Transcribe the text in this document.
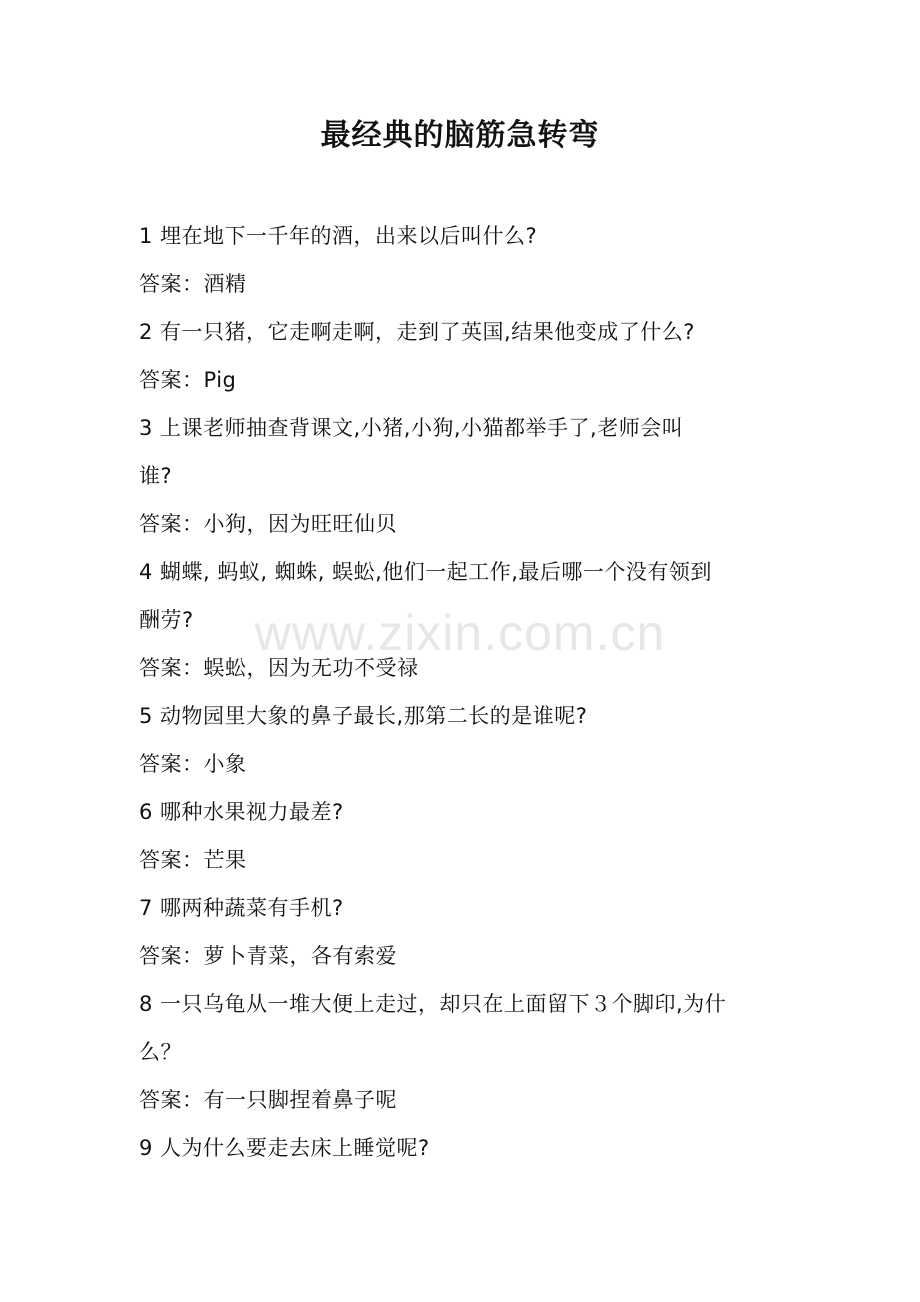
最经典的脑筋急转弯
1 埋在地下一千年的酒，出来以后叫什么?
答案：酒精
2 有一只猪，它走啊走啊，走到了英国,结果他变成了什么?
答案：Pig
3 上课老师抽查背课文,小猪,小狗,小猫都举手了,老师会叫
谁?
答案：小狗，因为旺旺仙贝
4 蝴蝶, 蚂蚁, 蜘蛛, 蜈蚣,他们一起工作,最后哪一个没有领到
酬劳?
答案：蜈蚣，因为无功不受禄
5 动物园里大象的鼻子最长,那第二长的是谁呢?
答案：小象
6 哪种水果视力最差?
答案：芒果
7 哪两种蔬菜有手机?
答案：萝卜青菜，各有索爱
8 一只乌龟从一堆大便上走过，却只在上面留下３个脚印,为什
么？
答案：有一只脚捏着鼻子呢
9 人为什么要走去床上睡觉呢?
www.zixin.com.cn
